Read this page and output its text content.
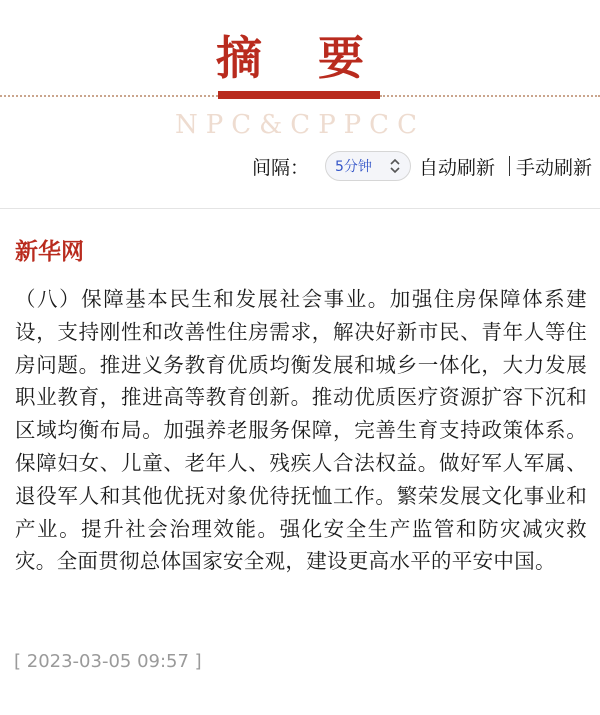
摘 要
NPC&CPPCC
间隔： 5分钟	自动刷新 手动刷新
新华网

（八）保障基本民生和发展社会事业。加强住房保障体系建设，支持刚性和改善性住房需求，解决好新市民、青年人等住房问题。推进义务教育优质均衡发展和城乡一体化，大力发展职业教育，推进高等教育创新。推动优质医疗资源扩容下沉和区域均衡布局。加强养老服务保障，完善生育支持政策体系。保障妇女、儿童、老年人、残疾人合法权益。做好军人军属、退役军人和其他优抚对象优待抚恤工作。繁荣发展文化事业和产业。提升社会治理效能。强化安全生产监管和防灾减灾救灾。全面贯彻总体国家安全观，建设更高水平的平安中国。

[ 2023-03-05 09:57 ]
